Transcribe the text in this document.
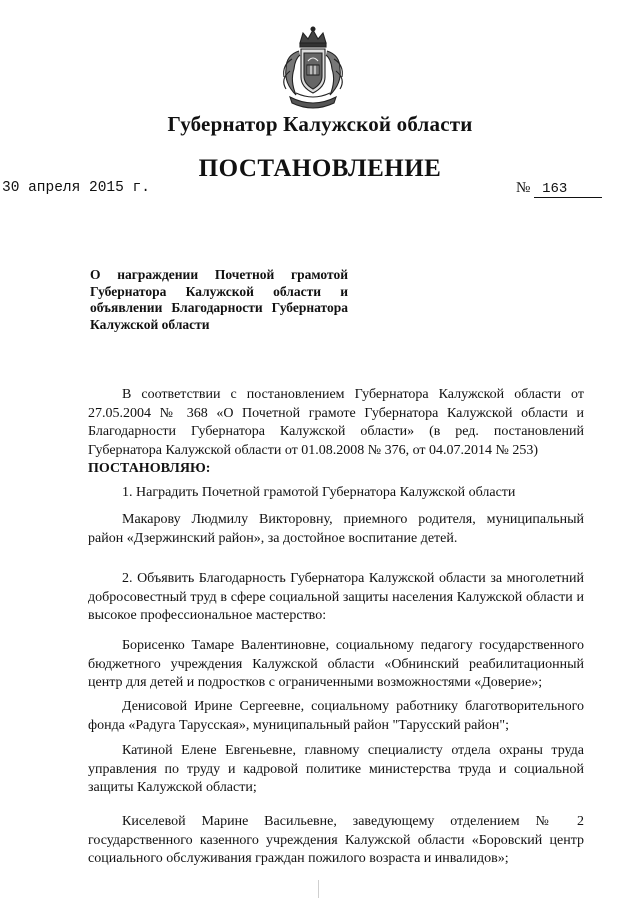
Губернатор Калужской области
ПОСТАНОВЛЕНИЕ
30 апреля 2015 г.	№ 163
О награждении Почетной грамотой Губернатора Калужской области и объявлении Благодарности Губернатора Калужской области
В соответствии с постановлением Губернатора Калужской области от 27.05.2004 № 368 «О Почетной грамоте Губернатора Калужской области и Благодарности Губернатора Калужской области» (в ред. постановлений Губернатора Калужской области от 01.08.2008 № 376, от 04.07.2014 № 253)
ПОСТАНОВЛЯЮ:
1. Наградить Почетной грамотой Губернатора Калужской области
Макарову Людмилу Викторовну, приемного родителя, муниципальный район «Дзержинский район», за достойное воспитание детей.
2. Объявить Благодарность Губернатора Калужской области за многолетний добросовестный труд в сфере социальной защиты населения Калужской области и высокое профессиональное мастерство:
Борисенко Тамаре Валентиновне, социальному педагогу государственного бюджетного учреждения Калужской области «Обнинский реабилитационный центр для детей и подростков с ограниченными возможностями «Доверие»;
Денисовой Ирине Сергеевне, социальному работнику благотворительного фонда «Радуга Тарусская», муниципальный район "Тарусский район";
Катиной Елене Евгеньевне, главному специалисту отдела охраны труда управления по труду и кадровой политике министерства труда и социальной защиты Калужской области;
Киселевой Марине Васильевне, заведующему отделением № 2 государственного казенного учреждения Калужской области «Боровский центр социального обслуживания граждан пожилого возраста и инвалидов»;
